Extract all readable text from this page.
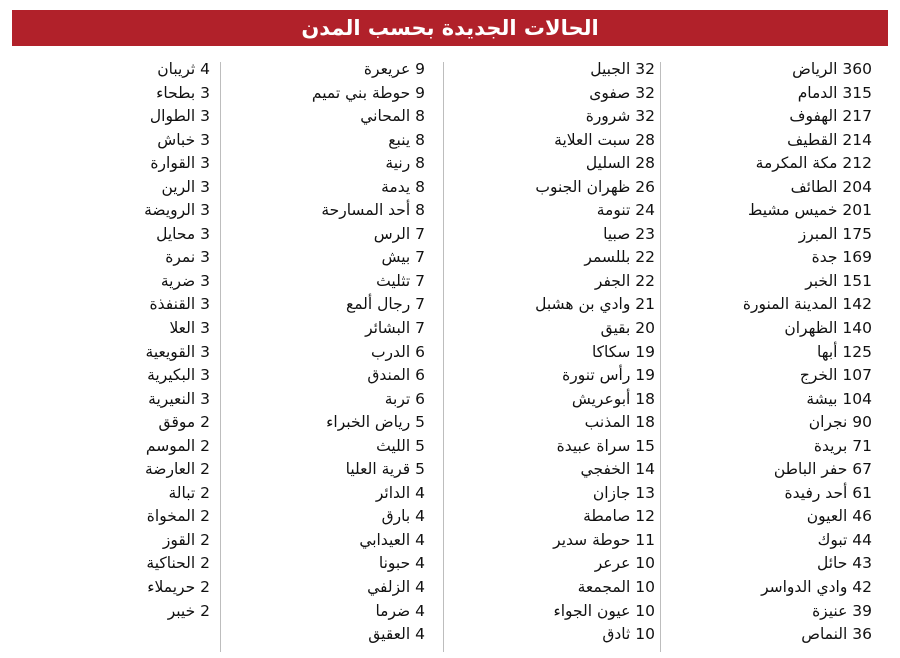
الحالات الجديدة بحسب المدن
360 الرياض
315 الدمام
217 الهفوف
214 القطيف
212 مكة المكرمة
204 الطائف
201 خميس مشيط
175 المبرز
169 جدة
151 الخبر
142 المدينة المنورة
140 الظهران
125 أبها
107 الخرج
104 بيشة
90 نجران
71 بريدة
67 حفر الباطن
61 أحد رفيدة
46 العيون
44 تبوك
43 حائل
42 وادي الدواسر
39 عنيزة
36 النماص
32 الجبيل
32 صفوى
32 شرورة
28 سبت العلاية
28 السليل
26 ظهران الجنوب
24 تنومة
23 صبيا
22 بللسمر
22 الجفر
21 وادي بن هشبل
20 بقيق
19 سكاكا
19 رأس تنورة
18 أبوعريش
18 المذنب
15 سراة عبيدة
14 الخفجي
13 جازان
12 صامطة
11 حوطة سدير
10 عرعر
10 المجمعة
10 عيون الجواء
10 ثادق
9 عريعرة
9 حوطة بني تميم
8 المحاني
8 ينبع
8 رنية
8 يدمة
8 أحد المسارحة
7 الرس
7 بيش
7 تثليث
7 رجال ألمع
7 البشائر
6 الدرب
6 المندق
6 تربة
5 رياض الخبراء
5 الليث
5 قرية العليا
4 الدائر
4 بارق
4 العيدابي
4 حبونا
4 الزلفي
4 ضرما
4 العقيق
4 ثريبان
3 بطحاء
3 الطوال
3 خباش
3 القوارة
3 الرين
3 الرويضة
3 محايل
3 نمرة
3 ضرية
3 القنفذة
3 العلا
3 القويعية
3 البكيرية
3 النعيرية
2 موقق
2 الموسم
2 العارضة
2 تبالة
2 المخواة
2 القوز
2 الحناكية
2 حريملاء
2 خيبر
